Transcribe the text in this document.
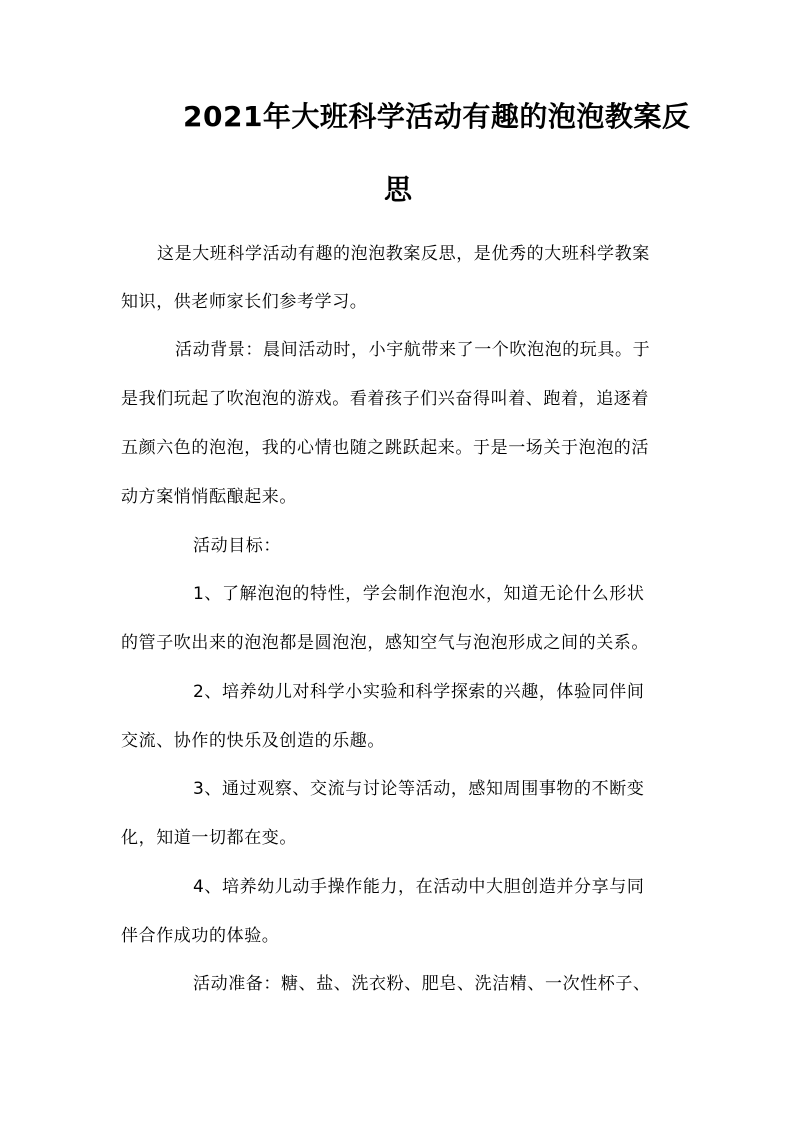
2021年大班科学活动有趣的泡泡教案反
思
这是大班科学活动有趣的泡泡教案反思，是优秀的大班科学教案
知识，供老师家长们参考学习。
活动背景：晨间活动时，小宇航带来了一个吹泡泡的玩具。于
是我们玩起了吹泡泡的游戏。看着孩子们兴奋得叫着、跑着，追逐着
五颜六色的泡泡，我的心情也随之跳跃起来。于是一场关于泡泡的活
动方案悄悄酝酿起来。
活动目标：
1、了解泡泡的特性，学会制作泡泡水，知道无论什么形状
的管子吹出来的泡泡都是圆泡泡，感知空气与泡泡形成之间的关系。
2、培养幼儿对科学小实验和科学探索的兴趣，体验同伴间
交流、协作的快乐及创造的乐趣。
3、通过观察、交流与讨论等活动，感知周围事物的不断变
化，知道一切都在变。
4、培养幼儿动手操作能力，在活动中大胆创造并分享与同
伴合作成功的体验。
活动准备：糖、盐、洗衣粉、肥皂、洗洁精、一次性杯子、
